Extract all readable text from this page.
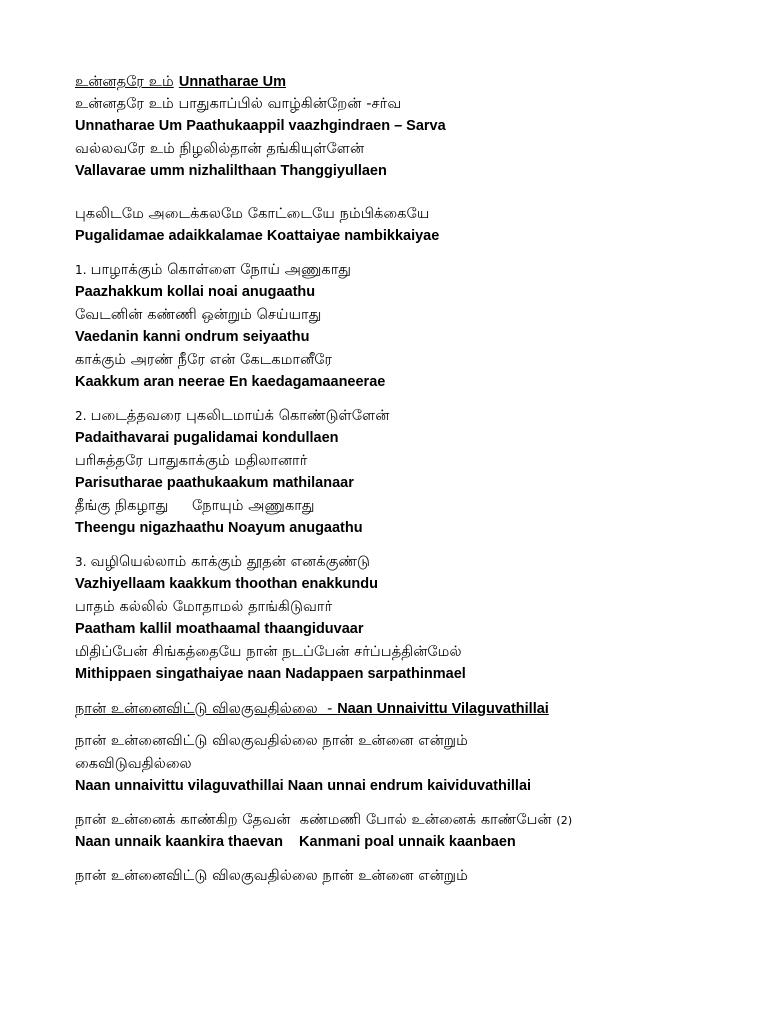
உன்னதரே உம் Unnatharae Um
உன்னதரே உம் பாதுகாப்பில் வாழ்கின்றேன் -சர்வ
Unnatharae Um Paathukaappil vaazhgindraen – Sarva
வல்லவரே உம் நிழலில்தான் தங்கியுள்ளேன்
Vallavarae umm nizhalilthaan Thanggiyullaen
புகலிடமே அடைக்கலமே கோட்டையே நம்பிக்கையே
Pugalidamae adaikkalamae Koattaiyae nambikkaiyae
1. பாழாக்கும் கொள்ளை நோய் அணுகாது
Paazhakkum kollai noai anugaathu
வேடனின் கண்ணி ஒன்றும் செய்யாது
Vaedanin kanni ondrum seiyaathu
காக்கும் அரண் நீரே என் கேடகமானீரே
Kaakkum aran neerae En kaedagamaaneerae
2. படைத்தவரை புகலிடமாய்க் கொண்டுள்ளேன்
Padaithavarai pugalidamai kondullaen
பரிசுத்தரே பாதுகாக்கும் மதிலானார்
Parisutharae paathukaakum mathilanaar
தீங்கு நிகழாது     நோயும் அணுகாது
Theengu nigazhaathu Noayum anugaathu
3. வழியெல்லாம் காக்கும் தூதன் எனக்குண்டு
Vazhiyellaam kaakkum thoothan enakkundu
பாதம் கல்லில் மோதாமல் தாங்கிடுவார்
Paatham kallil moathaamal thaangiduvaar
மிதிப்பேன் சிங்கத்தையே நான் நடப்பேன் சர்ப்பத்தின்மேல்
Mithippaen singathaiyae naan Nadappaen sarpathinmael
நான் உன்னைவிட்டு விலகுவதில்லை  - Naan Unnaivittu Vilaguvathillai
நான் உன்னைவிட்டு விலகுவதில்லை நான் உன்னை என்றும்
கைவிடுவதில்லை
Naan unnaivittu vilaguvathillai Naan unnai endrum kaividuvathillai
நான் உன்னைக் காண்கிற தேவன்  கண்மணி போல் உன்னைக் காண்பேன் (2)
Naan unnaik kaankira thaevan    Kanmani poal unnaik kaanbaen
நான் உன்னைவிட்டு விலகுவதில்லை நான் உன்னை என்றும்
